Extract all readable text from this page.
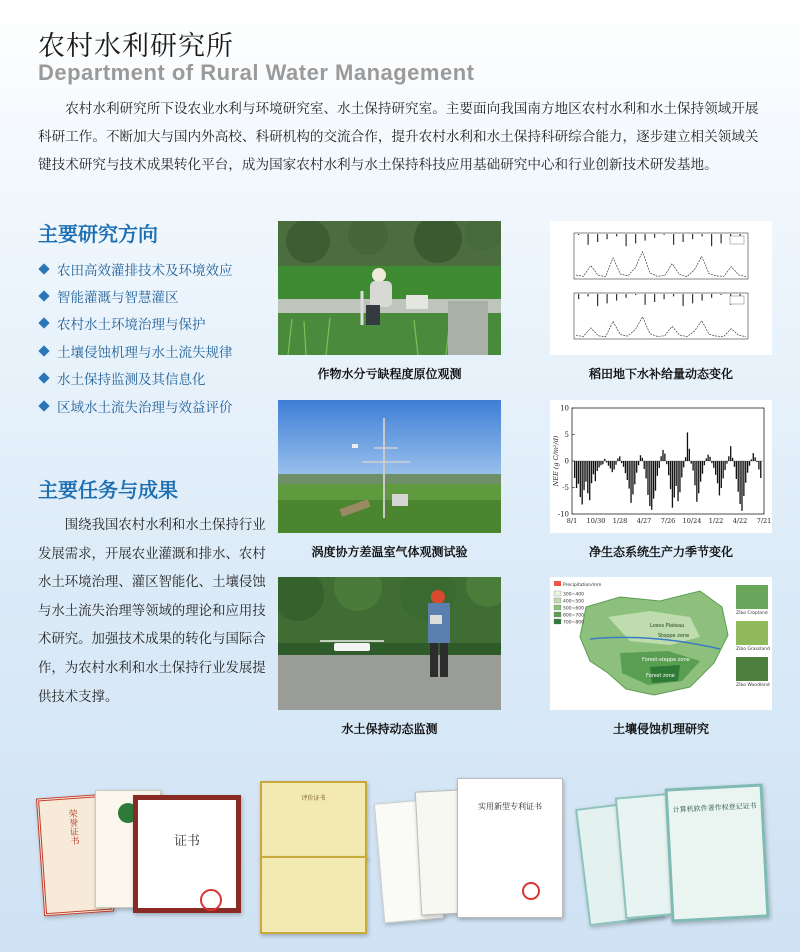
农村水利研究所
Department of Rural Water Management

农村水利研究所下设农业水利与环境研究室、水土保持研究室。主要面向我国南方地区农村水利和水土保持领域开展科研工作。不断加大与国内外高校、科研机构的交流合作，提升农村水利和水土保持科研综合能力，逐步建立相关领域关键技术研究与技术成果转化平台，成为国家农村水利与水土保持科技应用基础研究中心和行业创新技术研发基地。

主要研究方向
农田高效灌排技术及环境效应
智能灌溉与智慧灌区
农村水土环境治理与保护
土壤侵蚀机理与水土流失规律
水土保持监测及其信息化
区域水土流失治理与效益评价
主要任务与成果

围绕我国农村水利和水土保持行业发展需求，开展农业灌溉和排水、农村水土环境治理、灌区智能化、土壤侵蚀与水土流失治理等领域的理论和应用技术研究。加强技术成果的转化与国际合作，为农村水利和水土保持行业发展提供技术支撑。

作物水分亏缺程度原位观测	稻田地下水补给量动态变化
涡度协方差温室气体观测试验
10
5
0
-5
-10
8/1 10/30 1/28 4/27 7/26 10/24 1/22 4/22 7/21
NEE (g C/m²/d)
净生态系统生产力季节变化
水土保持动态监测
Precipitation/mm
300~400
400~500
500~600
600~700
700~800	Loess Plateau
Steppe zone
Forest-steppe zone
Forest zone
Zibo Cropland
Zibo Grassland
Zibo Woodland
土壤侵蚀机理研究
荣誉证书	证书
评价证书
实用新型专利证书	计算机软件著作权登记证书
